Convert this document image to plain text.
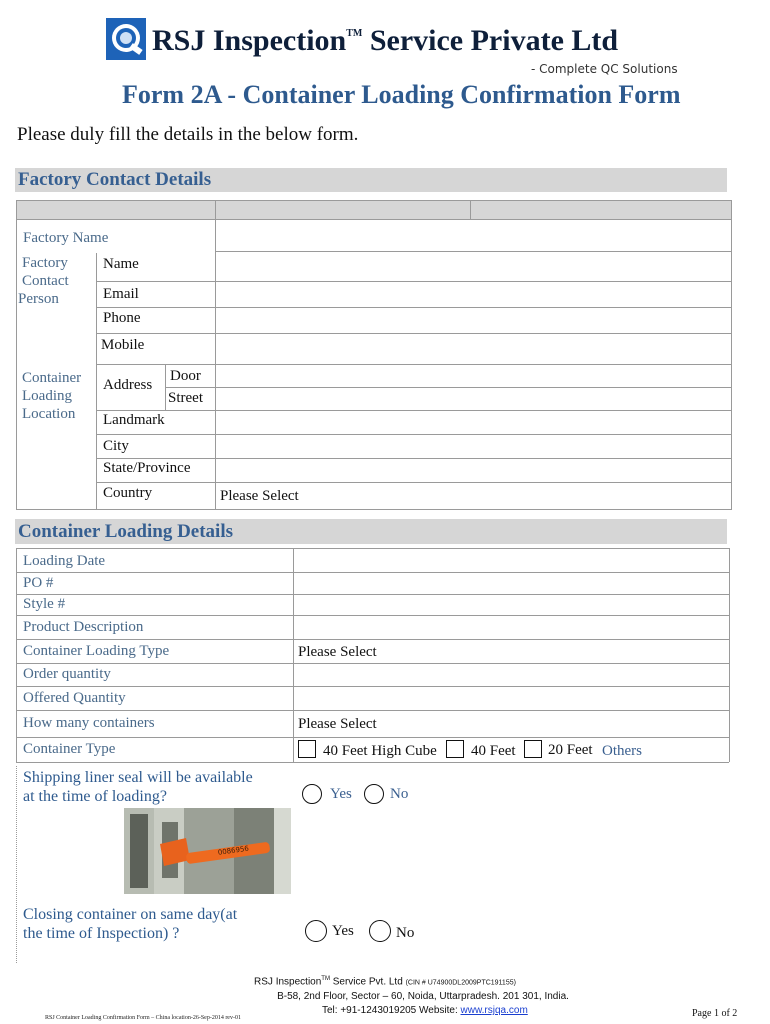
RSJ Inspection™ Service Private Ltd
- Complete QC Solutions
Form 2A - Container Loading Confirmation Form
Please duly fill the details in the below form.
Factory Contact Details
Factory Name
Factory
Contact
Person
Name
Email
Phone
Mobile
Container
Loading
Location
Address
Door
Street
Landmark
City
State/Province
Country	Please Select
Container Loading Details
Loading Date
PO #
Style #
Product Description
Container Loading Type	Please Select
Order quantity
Offered Quantity
How many containers	Please Select
Container Type	40 Feet High Cube 40 Feet 20 Feet Others
Shipping liner seal will be available
at the time of loading?	Yes	No
0086956
Closing container on same day(at
the time of Inspection) ?	Yes	No
RSJ Inspection™ Service Pvt. Ltd (CIN # U74900DL2009PTC191155)
B-58, 2nd Floor, Sector – 60, Noida, Uttarpradesh. 201 301, India.
Tel: +91-1243019205 Website: www.rsjqa.com
RSJ Container Loading Confirmation Form – China location-26-Sep-2014 rev-01	Page 1 of 2
